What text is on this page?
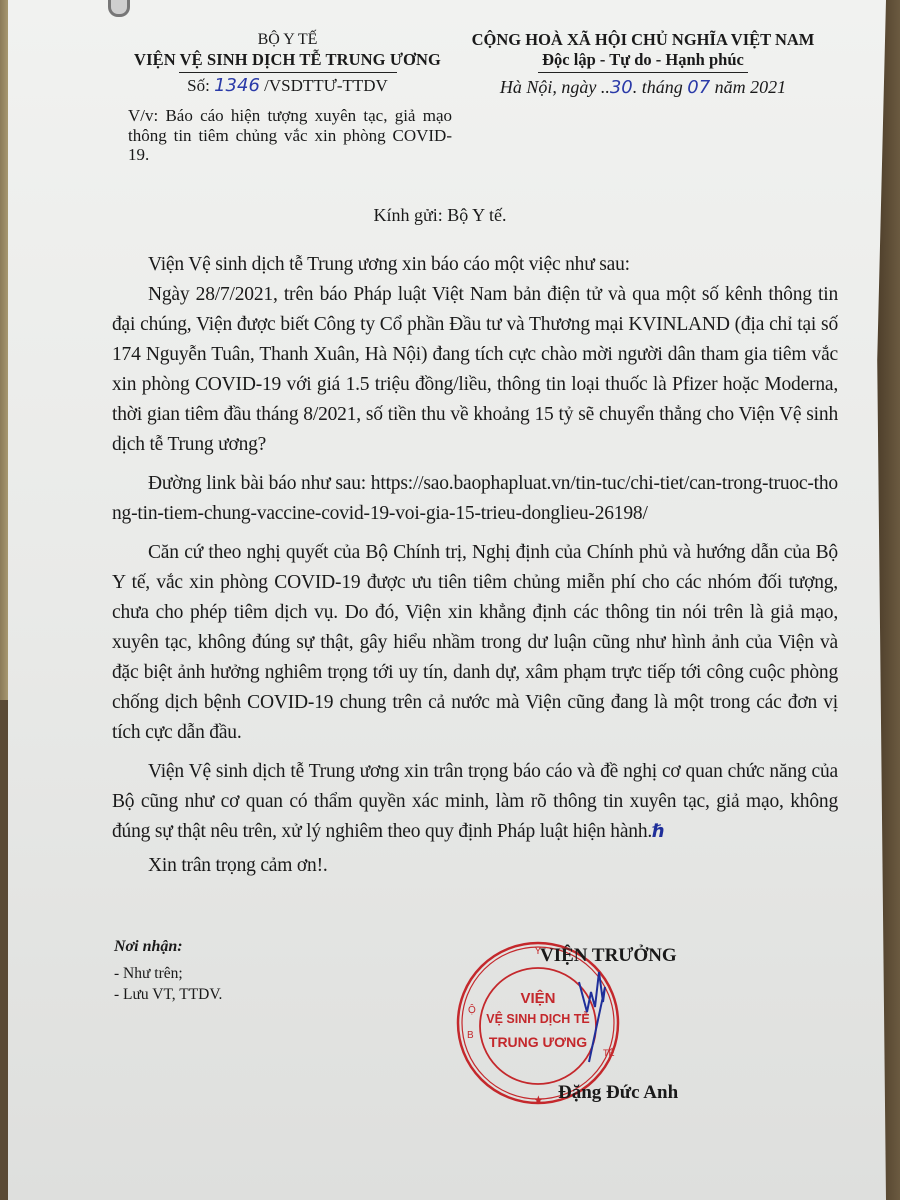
BỘ Y TẾ
VIỆN VỆ SINH DỊCH TỄ TRUNG ƯƠNG
Số: 1346 /VSDTTƯ-TTDV
V/v: Báo cáo hiện tượng xuyên tạc, giả mạo thông tin tiêm chủng vắc xin phòng COVID-19.
CỘNG HOÀ XÃ HỘI CHỦ NGHĨA VIỆT NAM
Độc lập - Tự do - Hạnh phúc
Hà Nội, ngày ..30. tháng 07 năm 2021
Kính gửi: Bộ Y tế.

Viện Vệ sinh dịch tễ Trung ương xin báo cáo một việc như sau:

Ngày 28/7/2021, trên báo Pháp luật Việt Nam bản điện tử và qua một số kênh thông tin đại chúng, Viện được biết Công ty Cổ phần Đầu tư và Thương mại KVINLAND (địa chỉ tại số 174 Nguyễn Tuân, Thanh Xuân, Hà Nội) đang tích cực chào mời người dân tham gia tiêm vắc xin phòng COVID-19 với giá 1.5 triệu đồng/liều, thông tin loại thuốc là Pfizer hoặc Moderna, thời gian tiêm đầu tháng 8/2021, số tiền thu về khoảng 15 tỷ sẽ chuyển thẳng cho Viện Vệ sinh dịch tễ Trung ương?

Đường link bài báo như sau: https://sao.baophapluat.vn/tin-tuc/chi-tiet/can-trong-truoc-thong-tin-tiem-chung-vaccine-covid-19-voi-gia-15-trieu-donglieu-26198/

Căn cứ theo nghị quyết của Bộ Chính trị, Nghị định của Chính phủ và hướng dẫn của Bộ Y tế, vắc xin phòng COVID-19 được ưu tiên tiêm chủng miễn phí cho các nhóm đối tượng, chưa cho phép tiêm dịch vụ. Do đó, Viện xin khẳng định các thông tin nói trên là giả mạo, xuyên tạc, không đúng sự thật, gây hiểu nhầm trong dư luận cũng như hình ảnh của Viện và đặc biệt ảnh hưởng nghiêm trọng tới uy tín, danh dự, xâm phạm trực tiếp tới công cuộc phòng chống dịch bệnh COVID-19 chung trên cả nước mà Viện cũng đang là một trong các đơn vị tích cực dẫn đầu.

Viện Vệ sinh dịch tễ Trung ương xin trân trọng báo cáo và đề nghị cơ quan chức năng của Bộ cũng như cơ quan có thẩm quyền xác minh, làm rõ thông tin xuyên tạc, giả mạo, không đúng sự thật nêu trên, xử lý nghiêm theo quy định Pháp luật hiện hành.ℏ

Xin trân trọng cảm ơn!.

Nơi nhận:
- Như trên;
- Lưu VT, TTDV.
Y
Ộ
B
TẾ
★
VIỆN
VỆ SINH DỊCH TỄ
TRUNG ƯƠNG
VIỆN TRƯỞNG
Đặng Đức Anh
